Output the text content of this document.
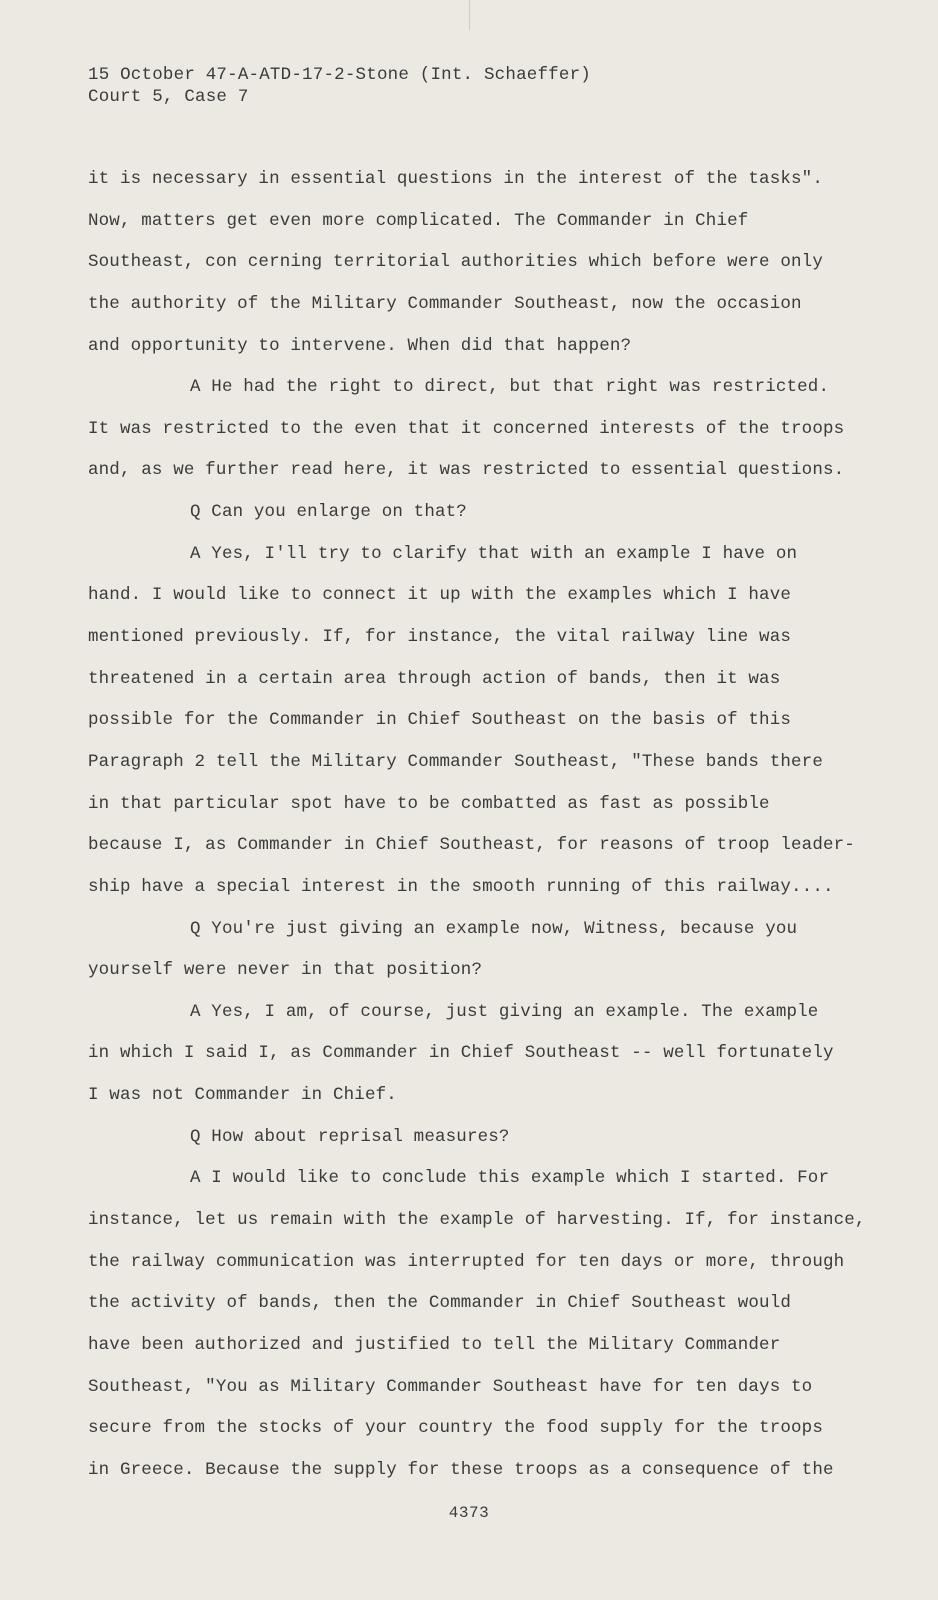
15 October 47-A-ATD-17-2-Stone (Int. Schaeffer)
Court 5, Case 7
it is necessary in essential questions in the interest of the tasks".
Now, matters get even more complicated. The Commander in Chief
Southeast, con cerning territorial authorities which before were only
the authority of the Military Commander Southeast, now the occasion
and opportunity to intervene. When did that happen?
A He had the right to direct, but that right was restricted.
It was restricted to the even that it concerned interests of the troops
and, as we further read here, it was restricted to essential questions.
Q Can you enlarge on that?
A Yes, I'll try to clarify that with an example I have on
hand. I would like to connect it up with the examples which I have
mentioned previously. If, for instance, the vital railway line was
threatened in a certain area through action of bands, then it was
possible for the Commander in Chief Southeast on the basis of this
Paragraph 2 tell the Military Commander Southeast, "These bands there
in that particular spot have to be combatted as fast as possible
because I, as Commander in Chief Southeast, for reasons of troop leader-
ship have a special interest in the smooth running of this railway....
Q You're just giving an example now, Witness, because you
yourself were never in that position?
A Yes, I am, of course, just giving an example. The example
in which I said I, as Commander in Chief Southeast -- well fortunately
I was not Commander in Chief.
Q How about reprisal measures?
A I would like to conclude this example which I started. For
instance, let us remain with the example of harvesting. If, for instance,
the railway communication was interrupted for ten days or more, through
the activity of bands, then the Commander in Chief Southeast would
have been authorized and justified to tell the Military Commander
Southeast, "You as Military Commander Southeast have for ten days to
secure from the stocks of your country the food supply for the troops
in Greece. Because the supply for these troops as a consequence of the
4373
